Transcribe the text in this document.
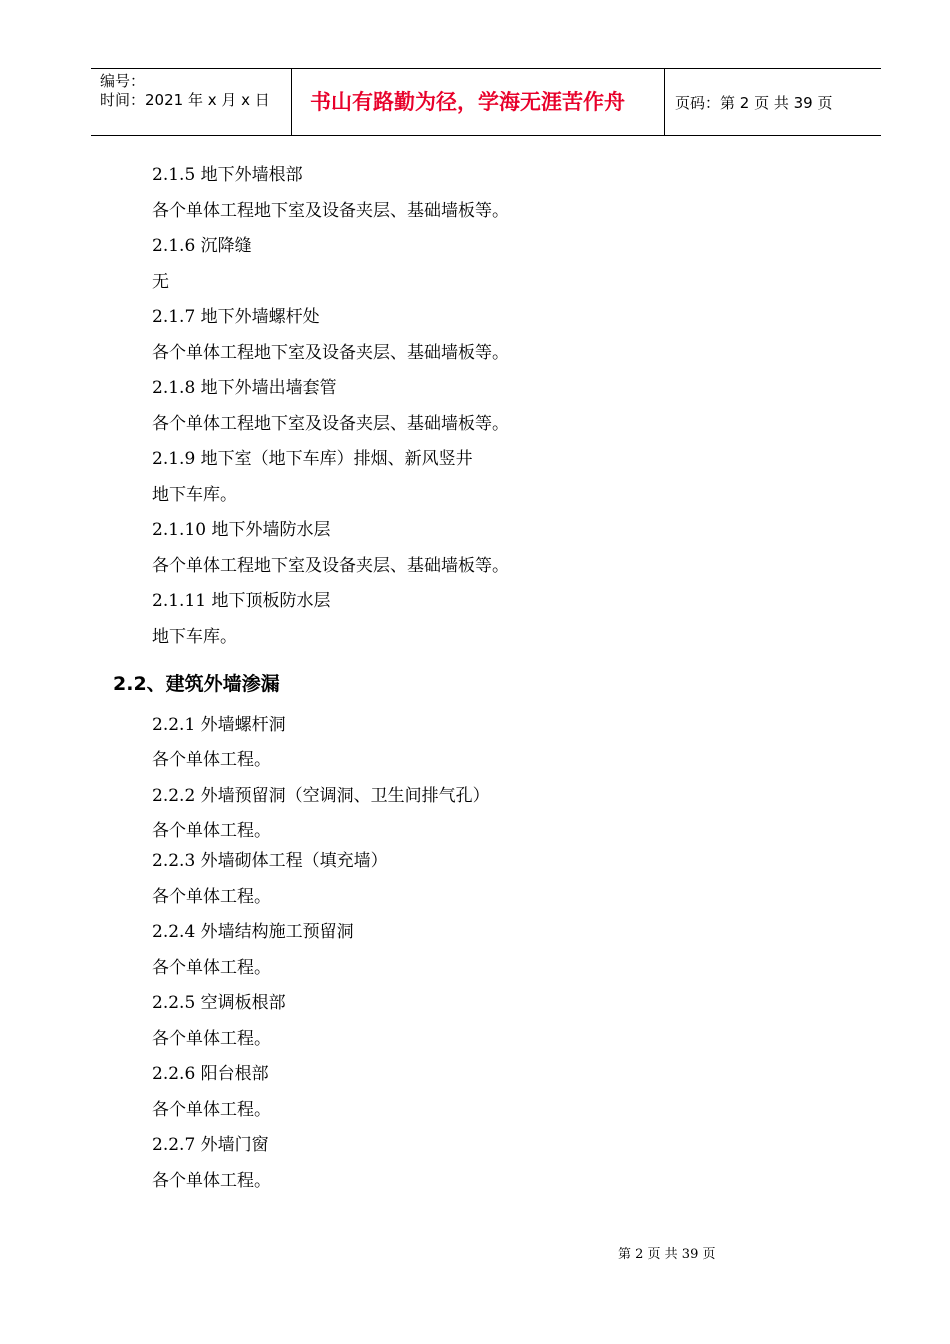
编号：
时间：2021 年 x 月 x 日 书山有路勤为径，学海无涯苦作舟	页码：第 2 页 共 39 页
2.1.5 地下外墙根部
各个单体工程地下室及设备夹层、基础墙板等。
2.1.6 沉降缝
无
2.1.7 地下外墙螺杆处
各个单体工程地下室及设备夹层、基础墙板等。
2.1.8 地下外墙出墙套管
各个单体工程地下室及设备夹层、基础墙板等。
2.1.9 地下室（地下车库）排烟、新风竖井
地下车库。
2.1.10 地下外墙防水层
各个单体工程地下室及设备夹层、基础墙板等。
2.1.11 地下顶板防水层
地下车库。
2.2、建筑外墙渗漏
2.2.1 外墙螺杆洞
各个单体工程。
2.2.2 外墙预留洞（空调洞、卫生间排气孔）
各个单体工程。
2.2.3 外墙砌体工程（填充墙）
各个单体工程。
2.2.4 外墙结构施工预留洞
各个单体工程。
2.2.5 空调板根部
各个单体工程。
2.2.6 阳台根部
各个单体工程。
2.2.7 外墙门窗
各个单体工程。
第 2 页 共 39 页
